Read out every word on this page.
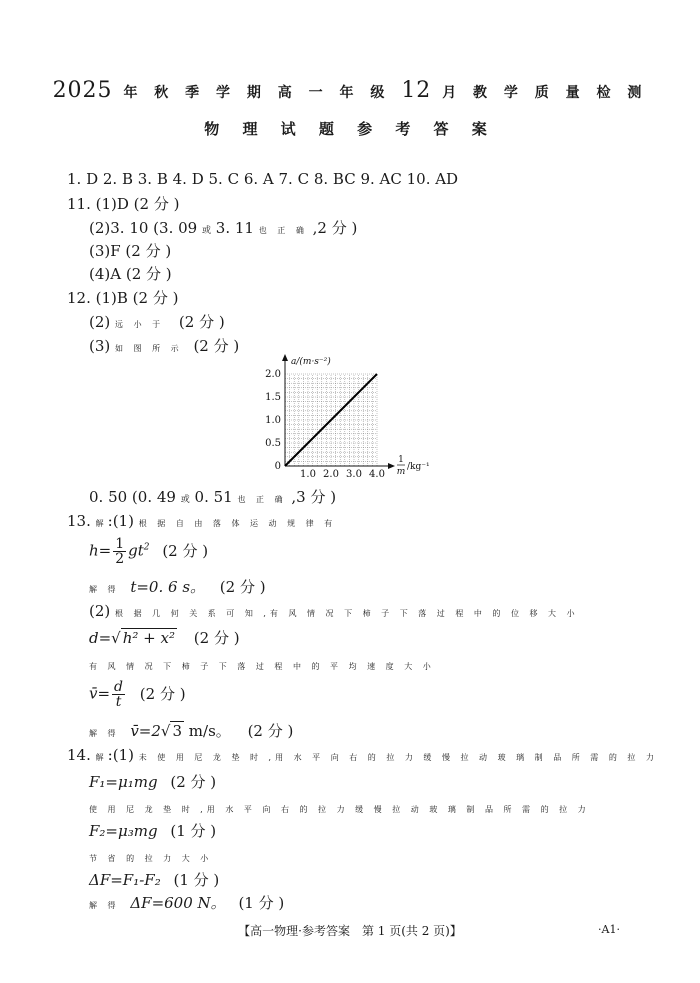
2025 年 秋 季 学 期 高 一 年 级 12 月 教 学 质 量 检 测
物 理 试 题 参 考 答 案
1. D 2. B 3. B 4. D 5. C 6. A 7. C 8. BC 9. AC 10. AD
11. (1)D (2 分 )
(2)3. 10 (3. 09 或 3. 11 也 正 确 ,2 分 )
(3)F (2 分 )
(4)A (2 分 )
12. (1)B (2 分 )
(2) 远 小 于 (2 分 )
(3) 如 图 所 示 (2 分 )
1.0 2.0 3.0 4.0
0
0.5
1.0
1.5
2.0
a/(m·s⁻²)
1
m /kg⁻¹
0. 50 (0. 49 或 0. 51 也 正 确 ,3 分 )
13. 解:(1) 根 据 自 由 落 体 运 动 规 律 有
$h= \frac{1}{2} gt^2$ (2 分 )
解 得 t=0. 6 s。 (2 分 )
(2) 根 据 几 何 关 系 可 知 ,有 风 情 况 下 柿 子 下 落 过 程 中 的 位 移 大 小
d=√ h² + x² (2 分 )
有 风 情 况 下 柿 子 下 落 过 程 中 的 平 均 速 度 大 小
v̄= $\frac{d}{t} (2$ 分 )
解 得 v̄=2√ 3 m/s。 (2 分 )
14. 解:(1) 未 使 用 尼 龙 垫 时 ,用 水 平 向 右 的 拉 力 缓 慢 拉 动 玻 璃 制 品 所 需 的 拉 力
F₁=μ₁mg (2 分 )
使 用 尼 龙 垫 时 ,用 水 平 向 右 的 拉 力 缓 慢 拉 动 玻 璃 制 品 所 需 的 拉 力
F₂=μ₃mg (1 分 )
节 省 的 拉 力 大 小
ΔF=F₁-F₂ (1 分 )
解 得 ΔF=600 N。 (1 分 )
【高一物理·参考答案　第 1 页(共 2 页)】	·A1·
